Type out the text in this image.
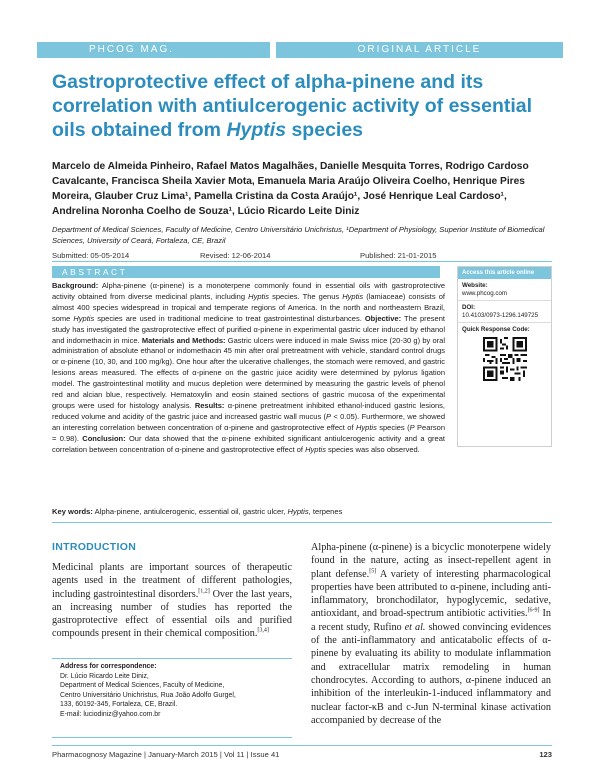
PHCOG MAG.	ORIGINAL ARTICLE
Gastroprotective effect of alpha-pinene and its correlation with antiulcerogenic activity of essential oils obtained from Hyptis species
Marcelo de Almeida Pinheiro, Rafael Matos Magalhães, Danielle Mesquita Torres, Rodrigo Cardoso Cavalcante, Francisca Sheila Xavier Mota, Emanuela Maria Araújo Oliveira Coelho, Henrique Pires Moreira, Glauber Cruz Lima¹, Pamella Cristina da Costa Araújo¹, José Henrique Leal Cardoso¹, Andrelina Noronha Coelho de Souza¹, Lúcio Ricardo Leite Diniz
Department of Medical Sciences, Faculty of Medicine, Centro Universitário Unichristus, ¹Department of Physiology, Superior Institute of Biomedical Sciences, University of Ceará, Fortaleza, CE, Brazil
Submitted: 05-05-2014	Revised: 12-06-2014	Published: 21-01-2015
ABSTRACT
Background: Alpha-pinene (α-pinene) is a monoterpene commonly found in essential oils with gastroprotective activity obtained from diverse medicinal plants, including Hyptis species. The genus Hyptis (lamiaceae) consists of almost 400 species widespread in tropical and temperate regions of America. In the north and northeastern Brazil, some Hyptis species are used in traditional medicine to treat gastrointestinal disturbances. Objective: The present study has investigated the gastroprotective effect of purified α-pinene in experimental gastric ulcer induced by ethanol and indomethacin in mice. Materials and Methods: Gastric ulcers were induced in male Swiss mice (20-30 g) by oral administration of absolute ethanol or indomethacin 45 min after oral pretreatment with vehicle, standard control drugs or α-pinene (10, 30, and 100 mg/kg). One hour after the ulcerative challenges, the stomach were removed, and gastric lesions areas measured. The effects of α-pinene on the gastric juice acidity were determined by pylorus ligation model. The gastrointestinal motility and mucus depletion were determined by measuring the gastric levels of phenol red and alcian blue, respectively. Hematoxylin and eosin stained sections of gastric mucosa of the experimental groups were used for histology analysis. Results: α-pinene pretreatment inhibited ethanol-induced gastric lesions, reduced volume and acidity of the gastric juice and increased gastric wall mucus (P < 0.05). Furthermore, we showed an interesting correlation between concentration of α-pinene and gastroprotective effect of Hyptis species (P Pearson = 0.98). Conclusion: Our data showed that the α-pinene exhibited significant antiulcerogenic activity and a great correlation between concentration of α-pinene and gastroprotective effect of Hyptis species was also observed.
Key words: Alpha-pinene, antiulcerogenic, essential oil, gastric ulcer, Hyptis, terpenes
Access this article online
Website:
www.phcog.com
DOI:
10.4103/0973-1296.149725
Quick Response Code:
INTRODUCTION
Medicinal plants are important sources of therapeutic agents used in the treatment of different pathologies, including gastrointestinal disorders.[1,2] Over the last years, an increasing number of studies has reported the gastroprotective effect of essential oils and purified compounds present in their chemical composition.[3,4]
Alpha-pinene (α-pinene) is a bicyclic monoterpene widely found in the nature, acting as insect-repellent agent in plant defense.[5] A variety of interesting pharmacological properties have been attributed to α-pinene, including anti-inflammatory, bronchodilator, hypoglycemic, sedative, antioxidant, and broad-spectrum antibiotic activities.[6-9] In a recent study, Rufino et al. showed convincing evidences of the anti-inflammatory and anticatabolic effects of α-pinene by evaluating its ability to modulate inflammation and extracellular matrix remodeling in human chondrocytes. According to authors, α-pinene induced an inhibition of the interleukin-1-induced inflammatory and nuclear factor-κB and c-Jun N-terminal kinase activation accompanied by decrease of the
Address for correspondence:
Dr. Lúcio Ricardo Leite Diniz,
Department of Medical Sciences, Faculty of Medicine,
Centro Universitário Unichristus, Rua João Adolfo Gurgel,
133, 60192-345, Fortaleza, CE, Brazil.
E-mail: luciodiniz@yahoo.com.br
Pharmacognosy Magazine | January-March 2015 | Vol 11 | Issue 41	123
